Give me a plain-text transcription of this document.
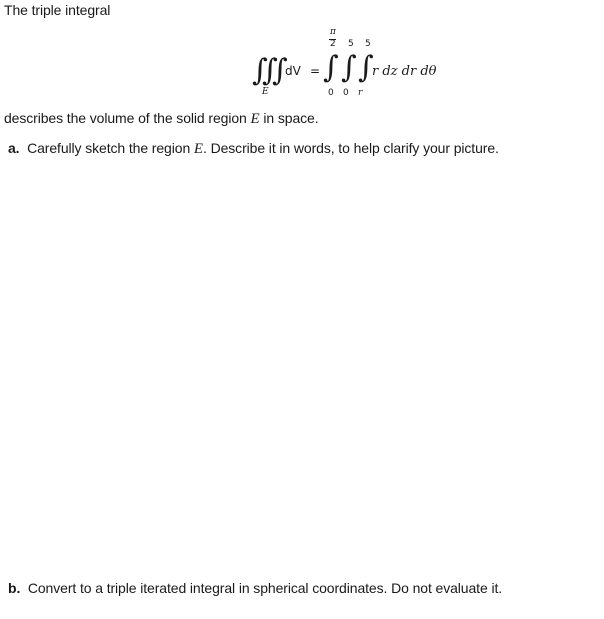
The triple integral
∭
E
dV =
π
2
∫
0
5
∫
0
5
∫
r
r dz dr dθ
describes the volume of the solid region E in space.
a. Carefully sketch the region E. Describe it in words, to help clarify your picture.
b. Convert to a triple iterated integral in spherical coordinates. Do not evaluate it.
